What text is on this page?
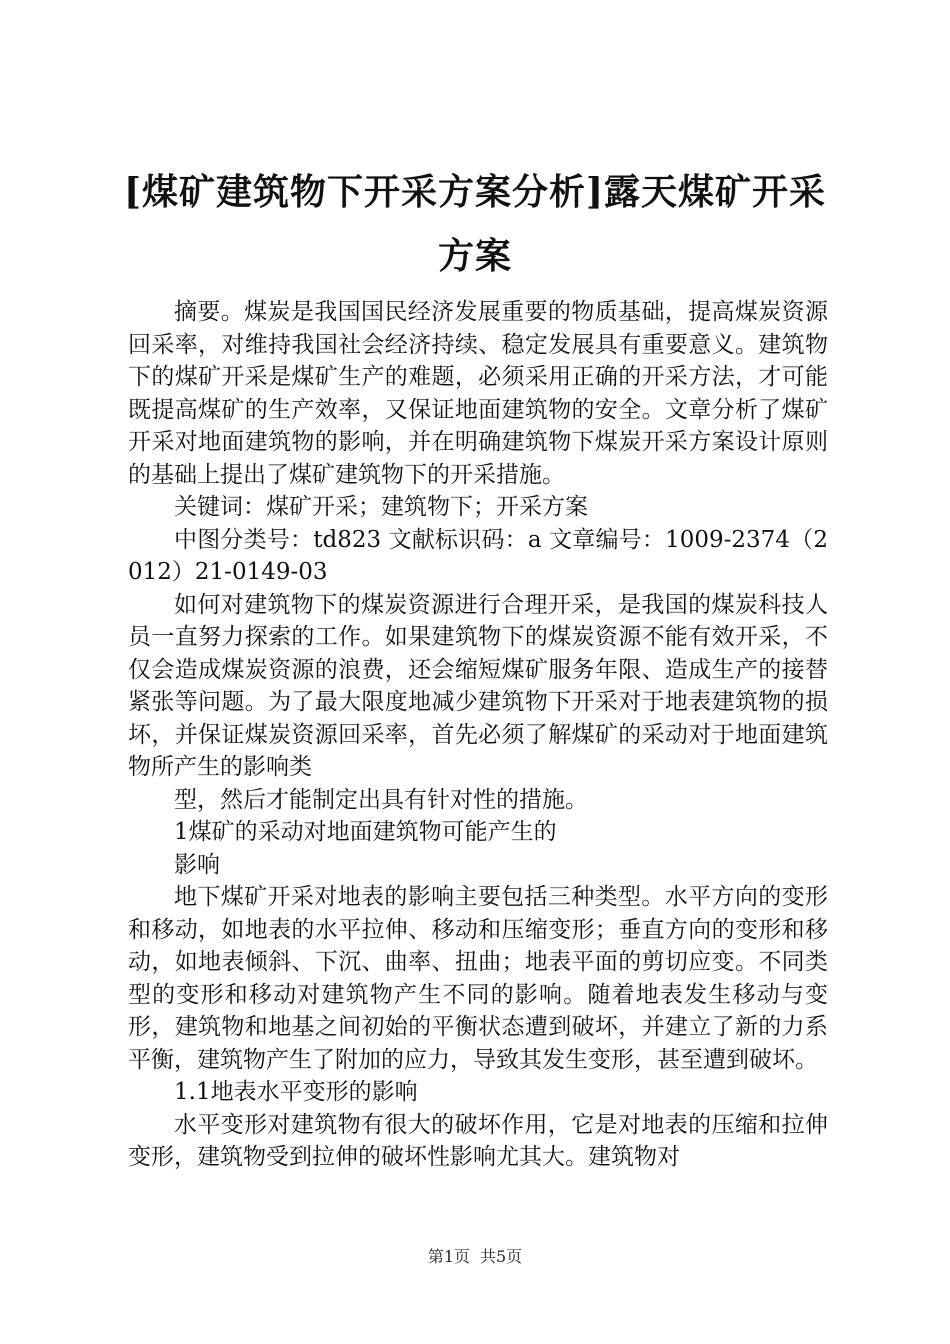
[煤矿建筑物下开采方案分析]露天煤矿开采方案

摘要。煤炭是我国国民经济发展重要的物质基础，提高煤炭资源回采率，对维持我国社会经济持续、稳定发展具有重要意义。建筑物下的煤矿开采是煤矿生产的难题，必须采用正确的开采方法，才可能既提高煤矿的生产效率，又保证地面建筑物的安全。文章分析了煤矿开采对地面建筑物的影响，并在明确建筑物下煤炭开采方案设计原则的基础上提出了煤矿建筑物下的开采措施。

关键词：煤矿开采；建筑物下；开采方案

中图分类号：td823 文献标识码：a 文章编号：1009-2374（2012）21-0149-03

如何对建筑物下的煤炭资源进行合理开采，是我国的煤炭科技人员一直努力探索的工作。如果建筑物下的煤炭资源不能有效开采，不仅会造成煤炭资源的浪费，还会缩短煤矿服务年限、造成生产的接替紧张等问题。为了最大限度地减少建筑物下开采对于地表建筑物的损坏，并保证煤炭资源回采率，首先必须了解煤矿的采动对于地面建筑物所产生的影响类

型，然后才能制定出具有针对性的措施。

1煤矿的采动对地面建筑物可能产生的

影响

地下煤矿开采对地表的影响主要包括三种类型。水平方向的变形和移动，如地表的水平拉伸、移动和压缩变形；垂直方向的变形和移动，如地表倾斜、下沉、曲率、扭曲；地表平面的剪切应变。不同类型的变形和移动对建筑物产生不同的影响。随着地表发生移动与变形，建筑物和地基之间初始的平衡状态遭到破坏，并建立了新的力系平衡，建筑物产生了附加的应力，导致其发生变形，甚至遭到破坏。

1.1地表水平变形的影响

水平变形对建筑物有很大的破坏作用，它是对地表的压缩和拉伸变形，建筑物受到拉伸的破坏性影响尤其大。建筑物对

第1页 共5页
